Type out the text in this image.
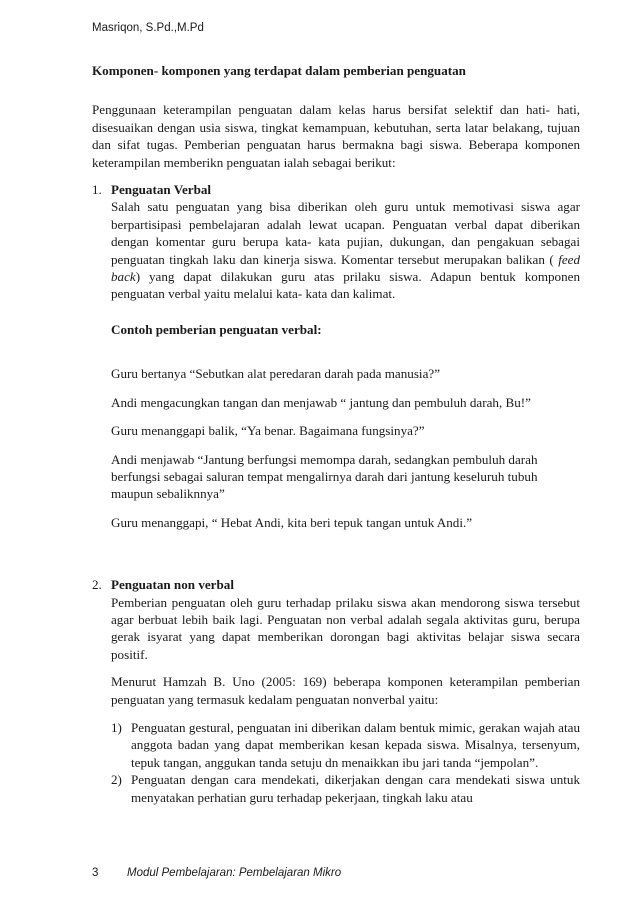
Masriqon, S.Pd.,M.Pd

Komponen- komponen yang terdapat dalam pemberian penguatan

Penggunaan keterampilan penguatan dalam kelas harus bersifat selektif dan hati- hati, disesuaikan dengan usia siswa, tingkat kemampuan, kebutuhan, serta latar belakang, tujuan dan sifat tugas. Pemberian penguatan harus bermakna bagi siswa. Beberapa komponen keterampilan memberikn penguatan ialah sebagai berikut:

1. Penguatan Verbal

Salah satu penguatan yang bisa diberikan oleh guru untuk memotivasi siswa agar berpartisipasi pembelajaran adalah lewat ucapan. Penguatan verbal dapat diberikan dengan komentar guru berupa kata- kata pujian, dukungan, dan pengakuan sebagai penguatan tingkah laku dan kinerja siswa. Komentar tersebut merupakan balikan ( feed back) yang dapat dilakukan guru atas prilaku siswa. Adapun bentuk komponen penguatan verbal yaitu melalui kata- kata dan kalimat.

Contoh pemberian penguatan verbal:

Guru bertanya “Sebutkan alat peredaran darah pada manusia?”

Andi mengacungkan tangan dan menjawab “ jantung dan pembuluh darah, Bu!”

Guru menanggapi balik, “Ya benar. Bagaimana fungsinya?”

Andi menjawab “Jantung berfungsi memompa darah, sedangkan pembuluh darah berfungsi sebagai saluran tempat mengalirnya darah dari jantung keseluruh tubuh maupun sebaliknnya”

Guru menanggapi, “ Hebat Andi, kita beri tepuk tangan untuk Andi.”

2. Penguatan non verbal

Pemberian penguatan oleh guru terhadap prilaku siswa akan mendorong siswa tersebut agar berbuat lebih baik lagi. Penguatan non verbal adalah segala aktivitas guru, berupa gerak isyarat yang dapat memberikan dorongan bagi aktivitas belajar siswa secara positif.

Menurut Hamzah B. Uno (2005: 169) beberapa komponen keterampilan pemberian penguatan yang termasuk kedalam penguatan nonverbal yaitu:

1) Penguatan gestural, penguatan ini diberikan dalam bentuk mimic, gerakan wajah atau anggota badan yang dapat memberikan kesan kepada siswa. Misalnya, tersenyum, tepuk tangan, anggukan tanda setuju dn menaikkan ibu jari tanda “jempolan”.

2) Penguatan dengan cara mendekati, dikerjakan dengan cara mendekati siswa untuk menyatakan perhatian guru terhadap pekerjaan, tingkah laku atau

3 Modul Pembelajaran: Pembelajaran Mikro
